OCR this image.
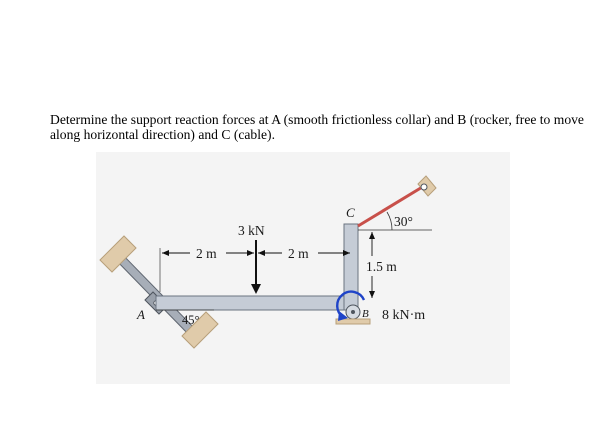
Determine the support reaction forces at A (smooth frictionless collar) and B (rocker, free to move along horizontal direction) and C (cable).
A	B
C
3 kN
2 m	2 m
1.5 m
30°
45°	8 kN·m
